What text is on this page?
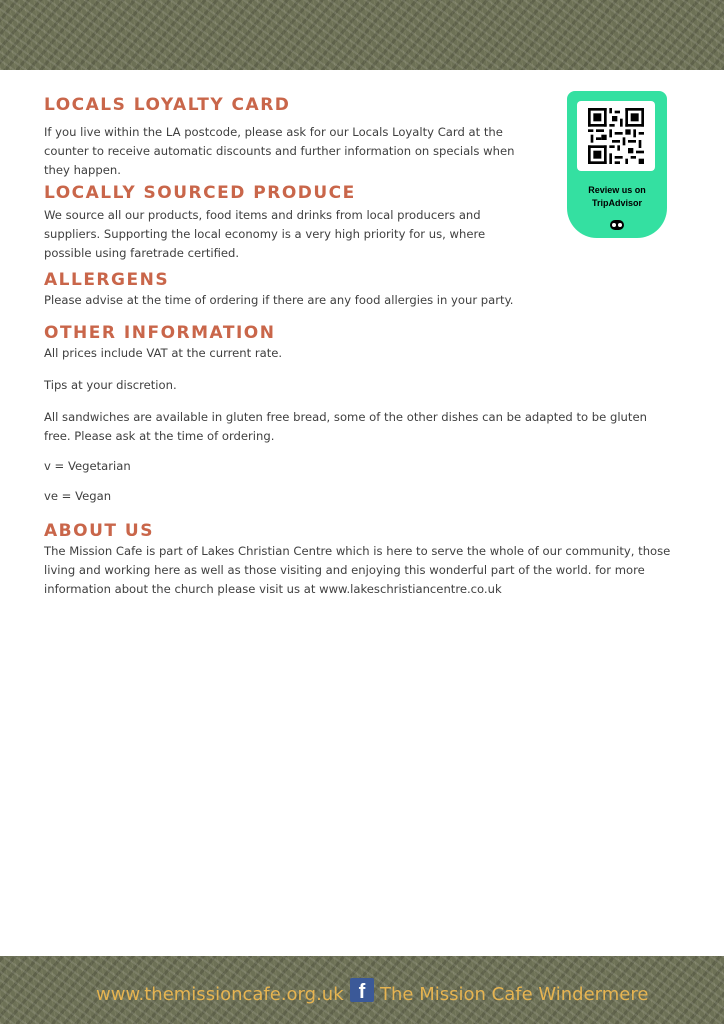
LOCALS LOYALTY CARD

If you live within the LA postcode, please ask for our Locals Loyalty Card at the counter to receive automatic discounts and further information on specials when they happen.

LOCALLY SOURCED PRODUCE

We source all our products, food items and drinks from local producers and suppliers. Supporting the local economy is a very high priority for us, where possible using faretrade certified.

ALLERGENS

Please advise at the time of ordering if there are any food allergies in your party.

OTHER INFORMATION

All prices include VAT at the current rate.

Tips at your discretion.

All sandwiches are available in gluten free bread, some of the other dishes can be adapted to be gluten free. Please ask at the time of ordering.

v = Vegetarian

ve = Vegan

ABOUT US

The Mission Cafe is part of Lakes Christian Centre which is here to serve the whole of our community, those living and working here as well as those visiting and enjoying this wonderful part of the world. for more information about the church please visit us at www.lakeschristiancentre.co.uk

Review us on
TripAdvisor
www.themissioncafe.org.uk f The Mission Cafe Windermere
